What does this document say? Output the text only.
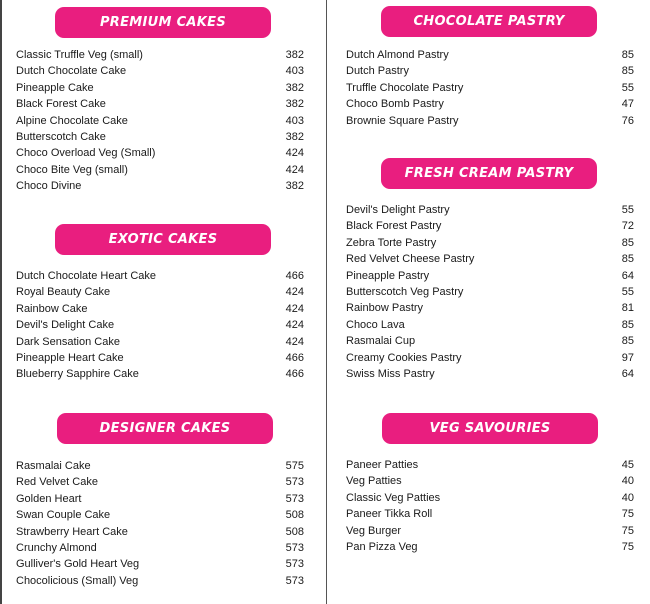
PREMIUM CAKES
Classic Truffle Veg (small)	382
Dutch Chocolate Cake	403
Pineapple Cake	382
Black Forest Cake	382
Alpine Chocolate Cake	403
Butterscotch Cake	382
Choco Overload Veg (Small)	424
Choco Bite Veg (small)	424
Choco Divine	382
EXOTIC CAKES
Dutch Chocolate Heart Cake	466
Royal Beauty Cake	424
Rainbow Cake	424
Devil's Delight Cake	424
Dark Sensation Cake	424
Pineapple Heart Cake	466
Blueberry Sapphire Cake	466
DESIGNER CAKES
Rasmalai Cake	575
Red Velvet Cake	573
Golden Heart	573
Swan Couple Cake	508
Strawberry Heart Cake	508
Crunchy Almond	573
Gulliver's Gold Heart Veg	573
Chocolicious (Small) Veg	573
CHOCOLATE PASTRY
Dutch Almond Pastry	85
Dutch Pastry	85
Truffle Chocolate Pastry	55
Choco Bomb Pastry	47
Brownie Square Pastry	76
FRESH CREAM PASTRY
Devil's Delight Pastry	55
Black Forest Pastry	72
Zebra Torte Pastry	85
Red Velvet Cheese Pastry	85
Pineapple Pastry	64
Butterscotch Veg Pastry	55
Rainbow Pastry	81
Choco Lava	85
Rasmalai Cup	85
Creamy Cookies Pastry	97
Swiss Miss Pastry	64
VEG SAVOURIES
Paneer Patties	45
Veg Patties	40
Classic Veg Patties	40
Paneer Tikka Roll	75
Veg Burger	75
Pan Pizza Veg	75
